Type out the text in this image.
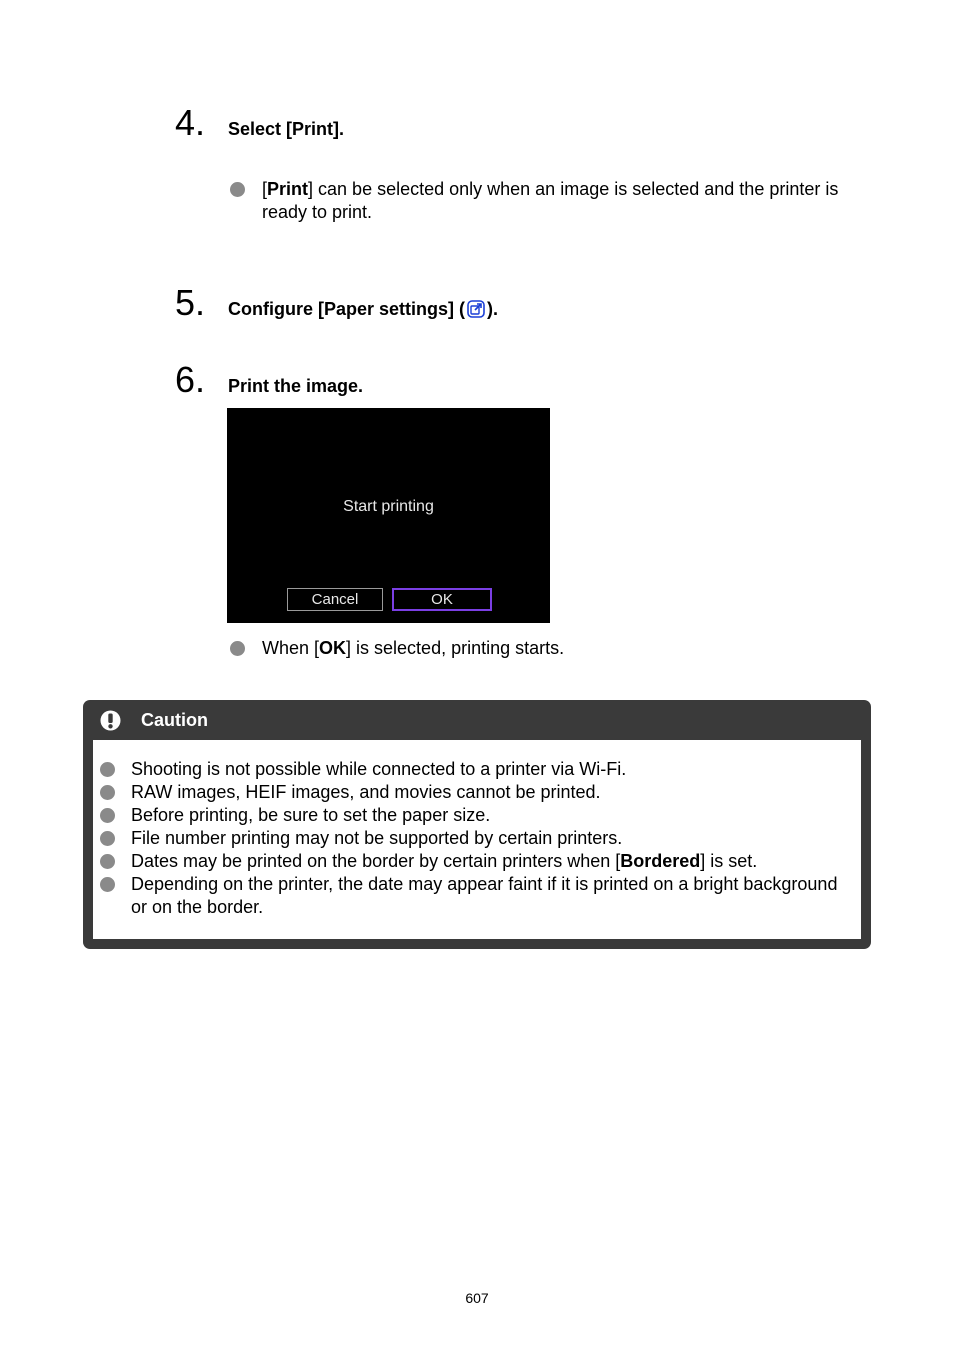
4. Select [Print].
[Print] can be selected only when an image is selected and the printer is ready to print.
5. Configure [Paper settings] ( ).
6. Print the image.
Start printing
Cancel	OK
When [OK] is selected, printing starts.
Caution
Shooting is not possible while connected to a printer via Wi-Fi.
RAW images, HEIF images, and movies cannot be printed.
Before printing, be sure to set the paper size.
File number printing may not be supported by certain printers.
Dates may be printed on the border by certain printers when [Bordered] is set.
Depending on the printer, the date may appear faint if it is printed on a bright background or on the border.
607
